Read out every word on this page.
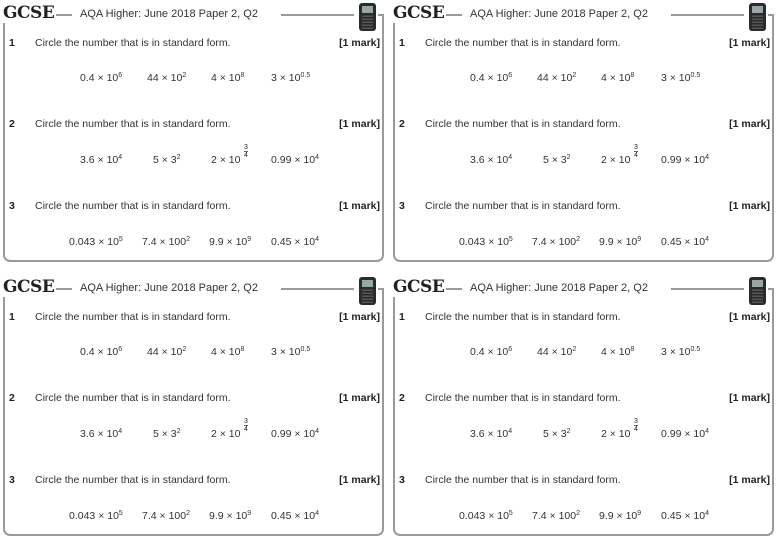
GCSE AQA Higher: June 2018 Paper 2, Q2
1 Circle the number that is in standard form.	[1 mark]
$0.4 \times 10^6$ $44 \times 10^2$ $4 \times 10^8$	$3 \times 10^{0.5}$
2 Circle the number that is in standard form.	[1 mark]
$3.6 \times 10^4$	$5 \times 3^2$	2 × 10
$\frac{3}{4}$
$0.99 \times 10^4$
3 Circle the number that is in standard form.	[1 mark]
$0.043 \times 10^5$ $7.4 \times 100^2$ $9.9 \times 10^9$ $0.45 \times 10^4$
GCSE AQA Higher: June 2018 Paper 2, Q2
1 Circle the number that is in standard form.	[1 mark]
$0.4 \times 10^6$ $44 \times 10^2$ $4 \times 10^8$	$3 \times 10^{0.5}$
2 Circle the number that is in standard form.	[1 mark]
$3.6 \times 10^4$	$5 \times 3^2$	2 × 10
$\frac{3}{4}$
$0.99 \times 10^4$
3 Circle the number that is in standard form.	[1 mark]
$0.043 \times 10^5$ $7.4 \times 100^2$ $9.9 \times 10^9$ $0.45 \times 10^4$
GCSE AQA Higher: June 2018 Paper 2, Q2
1 Circle the number that is in standard form.	[1 mark]
$0.4 \times 10^6$ $44 \times 10^2$ $4 \times 10^8$	$3 \times 10^{0.5}$
2 Circle the number that is in standard form.	[1 mark]
$3.6 \times 10^4$	$5 \times 3^2$	2 × 10
$\frac{3}{4}$
$0.99 \times 10^4$
3 Circle the number that is in standard form.	[1 mark]
$0.043 \times 10^5$ $7.4 \times 100^2$ $9.9 \times 10^9$ $0.45 \times 10^4$
GCSE AQA Higher: June 2018 Paper 2, Q2
1 Circle the number that is in standard form.	[1 mark]
$0.4 \times 10^6$ $44 \times 10^2$ $4 \times 10^8$	$3 \times 10^{0.5}$
2 Circle the number that is in standard form.	[1 mark]
$3.6 \times 10^4$	$5 \times 3^2$	2 × 10
$\frac{3}{4}$
$0.99 \times 10^4$
3 Circle the number that is in standard form.	[1 mark]
$0.043 \times 10^5$ $7.4 \times 100^2$ $9.9 \times 10^9$ $0.45 \times 10^4$
